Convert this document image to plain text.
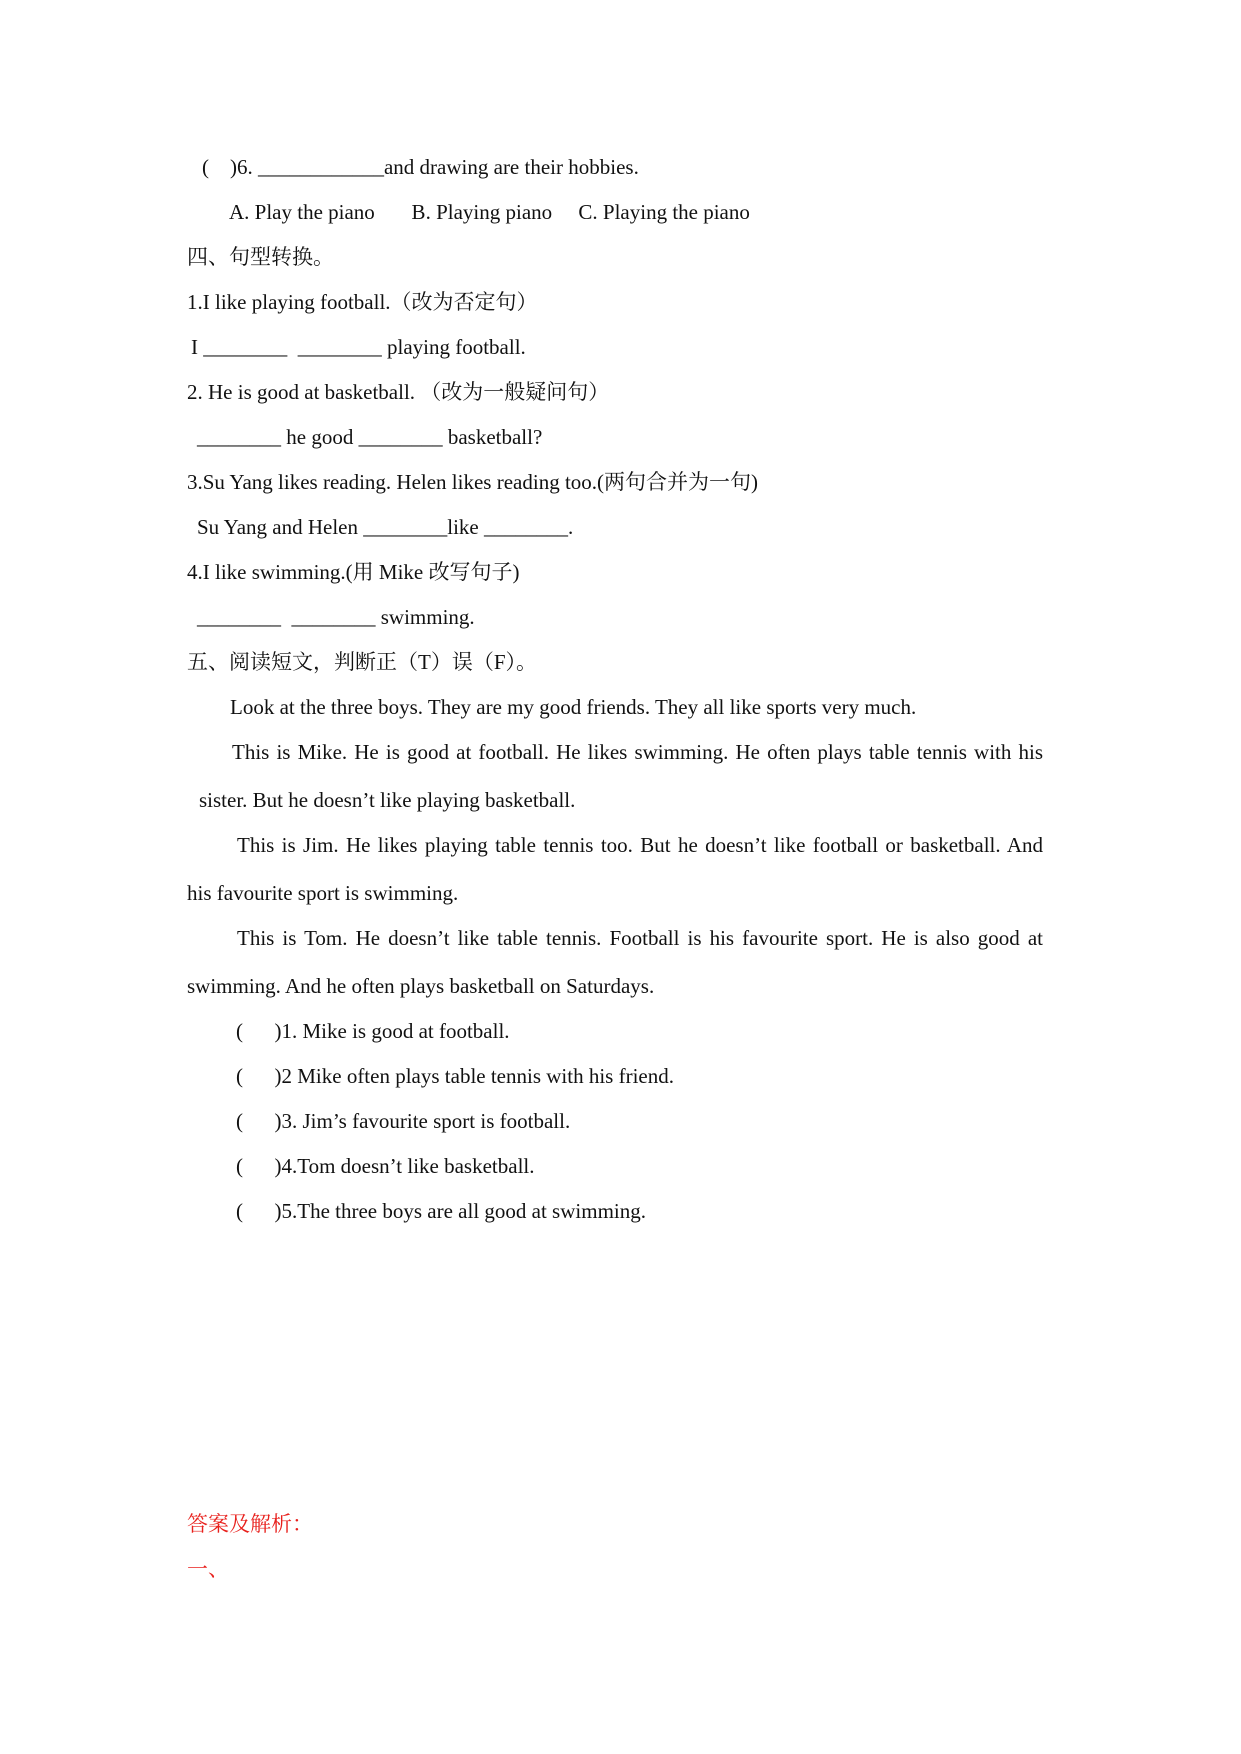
(    )6. ____________and drawing are their hobbies.
A. Play the piano       B. Playing piano     C. Playing the piano
四、句型转换。
1.I like playing football.（改为否定句）
I ________  ________ playing football.
2. He is good at basketball. （改为一般疑问句）
________ he good ________ basketball?
3.Su Yang likes reading. Helen likes reading too.(两句合并为一句)
Su Yang and Helen ________like ________.
4.I like swimming.(用 Mike 改写句子)
________  ________ swimming.
五、阅读短文，判断正（T）误（F）。
Look at the three boys. They are my good friends. They all like sports very much.
This is Mike. He is good at football. He likes swimming. He often plays table tennis with his
sister. But he doesn’t like playing basketball.
This is Jim. He likes playing table tennis too. But he doesn’t like football or basketball. And
his favourite sport is swimming.
This is Tom. He doesn’t like table tennis. Football is his favourite sport. He is also good at
swimming. And he often plays basketball on Saturdays.
(      )1. Mike is good at football.
(      )2 Mike often plays table tennis with his friend.
(      )3. Jim’s favourite sport is football.
(      )4.Tom doesn’t like basketball.
(      )5.The three boys are all good at swimming.
答案及解析：
一、
